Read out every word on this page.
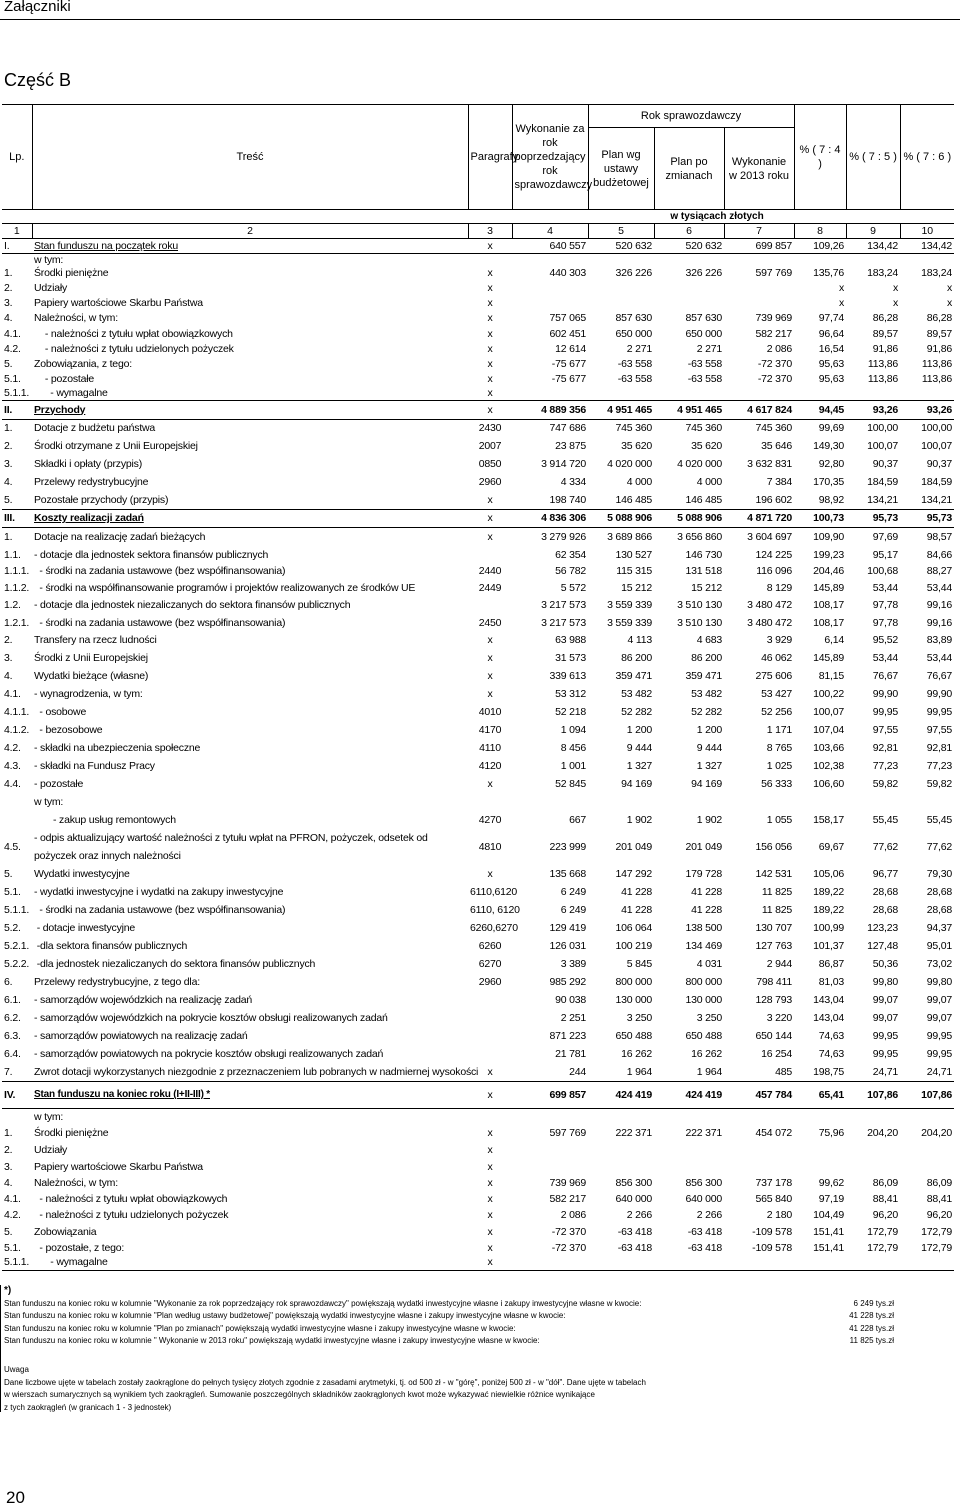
Załączniki
Część B
Lp.	Treść	Paragrafy	Wykonanie za rok poprzedzający rok sprawozdawczy	Rok sprawozdawczy			% ( 7 : 4 )	% ( 7 : 5 )	% ( 7 : 6 )
				Plan wg ustawy budżetowej	Plan po zmianach	Wykonanie w 2013 roku			
				w tysiącach złotych					
1	2	3	4	5	6	7	8	9	10
I.	Stan funduszu na początek roku	x	640 557	520 632	520 632	699 857	109,26	134,42	134,42
	w tym:								
1.	Środki pieniężne	x	440 303	326 226	326 226	597 769	135,76	183,24	183,24
2.	Udziały	x					x	x	x
3.	Papiery wartościowe Skarbu Państwa	x					x	x	x
4.	Należności, w tym:	x	757 065	857 630	857 630	739 969	97,74	86,28	86,28
4.1.	- należności z tytułu wpłat obowiązkowych	x	602 451	650 000	650 000	582 217	96,64	89,57	89,57
4.2.	- należności z tytułu udzielonych pożyczek	x	12 614	2 271	2 271	2 086	16,54	91,86	91,86
5.	Zobowiązania, z tego:	x	-75 677	-63 558	-63 558	-72 370	95,63	113,86	113,86
5.1.	- pozostałe	x	-75 677	-63 558	-63 558	-72 370	95,63	113,86	113,86
5.1.1.	- wymagalne	x							
II.	Przychody	x	4 889 356	4 951 465	4 951 465	4 617 824	94,45	93,26	93,26
1.	Dotacje z budżetu państwa	2430	747 686	745 360	745 360	745 360	99,69	100,00	100,00
2.	Środki otrzymane z Unii Europejskiej	2007	23 875	35 620	35 620	35 646	149,30	100,07	100,07
3.	Składki i opłaty (przypis)	0850	3 914 720	4 020 000	4 020 000	3 632 831	92,80	90,37	90,37
4.	Przelewy redystrybucyjne	2960	4 334	4 000	4 000	7 384	170,35	184,59	184,59
5.	Pozostałe przychody (przypis)	x	198 740	146 485	146 485	196 602	98,92	134,21	134,21
III.	Koszty realizacji zadań	x	4 836 306	5 088 906	5 088 906	4 871 720	100,73	95,73	95,73
1.	Dotacje na realizację zadań bieżących	x	3 279 926	3 689 866	3 656 860	3 604 697	109,90	97,69	98,57
1.1.	- dotacje dla jednostek sektora finansów publicznych		62 354	130 527	146 730	124 225	199,23	95,17	84,66
1.1.1.	- środki na zadania ustawowe (bez współfinansowania)	2440	56 782	115 315	131 518	116 096	204,46	100,68	88,27
1.1.2.	- środki na współfinansowanie programów i projektów realizowanych ze środków UE	2449	5 572	15 212	15 212	8 129	145,89	53,44	53,44
1.2.	- dotacje dla jednostek niezaliczanych do sektora finansów publicznych		3 217 573	3 559 339	3 510 130	3 480 472	108,17	97,78	99,16
1.2.1.	- środki na zadania ustawowe (bez współfinansowania)	2450	3 217 573	3 559 339	3 510 130	3 480 472	108,17	97,78	99,16
2.	Transfery na rzecz ludności	x	63 988	4 113	4 683	3 929	6,14	95,52	83,89
3.	Środki z Unii Europejskiej	x	31 573	86 200	86 200	46 062	145,89	53,44	53,44
4.	Wydatki bieżące (własne)	x	339 613	359 471	359 471	275 606	81,15	76,67	76,67
4.1.	- wynagrodzenia, w tym:	x	53 312	53 482	53 482	53 427	100,22	99,90	99,90
4.1.1.	- osobowe	4010	52 218	52 282	52 282	52 256	100,07	99,95	99,95
4.1.2.	- bezosobowe	4170	1 094	1 200	1 200	1 171	107,04	97,55	97,55
4.2.	- składki na ubezpieczenia społeczne	4110	8 456	9 444	9 444	8 765	103,66	92,81	92,81
4.3.	- składki na Fundusz Pracy	4120	1 001	1 327	1 327	1 025	102,38	77,23	77,23
4.4.	- pozostałe	x	52 845	94 169	94 169	56 333	106,60	59,82	59,82
	w tym:								
	- zakup usług remontowych	4270	667	1 902	1 902	1 055	158,17	55,45	55,45
4.5.	- odpis aktualizujący wartość należności z tytułu wpłat na PFRON, pożyczek, odsetek od pożyczek oraz innych należności	4810	223 999	201 049	201 049	156 056	69,67	77,62	77,62
5.	Wydatki inwestycyjne	x	135 668	147 292	179 728	142 531	105,06	96,77	79,30
5.1.	- wydatki inwestycyjne i wydatki na zakupy inwestycyjne	6110,6120	6 249	41 228	41 228	11 825	189,22	28,68	28,68
5.1.1.	- środki na zadania ustawowe (bez współfinansowania)	6110, 6120	6 249	41 228	41 228	11 825	189,22	28,68	28,68
5.2.	- dotacje inwestycyjne	6260,6270	129 419	106 064	138 500	130 707	100,99	123,23	94,37
5.2.1.	-dla sektora finansów publicznych	6260	126 031	100 219	134 469	127 763	101,37	127,48	95,01
5.2.2.	-dla jednostek niezaliczanych do sektora finansów publicznych	6270	3 389	5 845	4 031	2 944	86,87	50,36	73,02
6.	Przelewy redystrybucyjne, z tego dla:	2960	985 292	800 000	800 000	798 411	81,03	99,80	99,80
6.1.	- samorządów wojewódzkich na realizację zadań		90 038	130 000	130 000	128 793	143,04	99,07	99,07
6.2.	- samorządów wojewódzkich na pokrycie kosztów obsługi realizowanych zadań		2 251	3 250	3 250	3 220	143,04	99,07	99,07
6.3.	- samorządów powiatowych na realizację zadań		871 223	650 488	650 488	650 144	74,63	99,95	99,95
6.4.	- samorządów powiatowych na pokrycie kosztów obsługi realizowanych zadań		21 781	16 262	16 262	16 254	74,63	99,95	99,95
7.	Zwrot dotacji wykorzystanych niezgodnie z przeznaczeniem lub pobranych w nadmiernej wysokości	x	244	1 964	1 964	485	198,75	24,71	24,71
IV.	Stan funduszu na koniec roku (I+II-III) *	x	699 857	424 419	424 419	457 784	65,41	107,86	107,86
	w tym:								
1.	Środki pieniężne	x	597 769	222 371	222 371	454 072	75,96	204,20	204,20
2.	Udziały	x							
3.	Papiery wartościowe Skarbu Państwa	x							
4.	Należności, w tym:	x	739 969	856 300	856 300	737 178	99,62	86,09	86,09
4.1.	- należności z tytułu wpłat obowiązkowych	x	582 217	640 000	640 000	565 840	97,19	88,41	88,41
4.2.	- należności z tytułu udzielonych pożyczek	x	2 086	2 266	2 266	2 180	104,49	96,20	96,20
5.	Zobowiązania	x	-72 370	-63 418	-63 418	-109 578	151,41	172,79	172,79
5.1.	- pozostałe, z tego:	x	-72 370	-63 418	-63 418	-109 578	151,41	172,79	172,79
5.1.1.	- wymagalne	x							
*)
Stan funduszu na koniec roku w kolumnie "Wykonanie za rok poprzedzający rok sprawozdawczy" powiększają wydatki inwestycyjne własne i zakupy inwestycyjne własne w kwocie:	6 249 tys.zł
Stan funduszu na koniec roku w kolumnie "Plan według ustawy budżetowej" powiększają wydatki inwestycyjne własne i zakupy inwestycyjne własne w kwocie:	41 228 tys.zł
Stan funduszu na koniec roku w kolumnie "Plan po zmianach" powiększają wydatki inwestycyjne własne i zakupy inwestycyjne własne w kwocie:	41 228 tys.zł
Stan funduszu na koniec roku w kolumnie " Wykonanie w 2013 roku" powiększają wydatki inwestycyjne własne i zakupy inwestycyjne własne w kwocie:	11 825 tys.zł
Uwaga
Dane liczbowe ujęte w tabelach zostały zaokrąglone do pełnych tysięcy złotych zgodnie z zasadami arytmetyki, tj. od 500 zł - w "górę", poniżej 500 zł - w "dół". Dane ujęte w tabelach
w wierszach sumarycznych są wynikiem tych zaokrągleń. Sumowanie poszczególnych składników zaokrąglonych kwot może wykazywać niewielkie różnice wynikające
z tych zaokrągleń (w granicach 1 - 3 jednostek)
20
